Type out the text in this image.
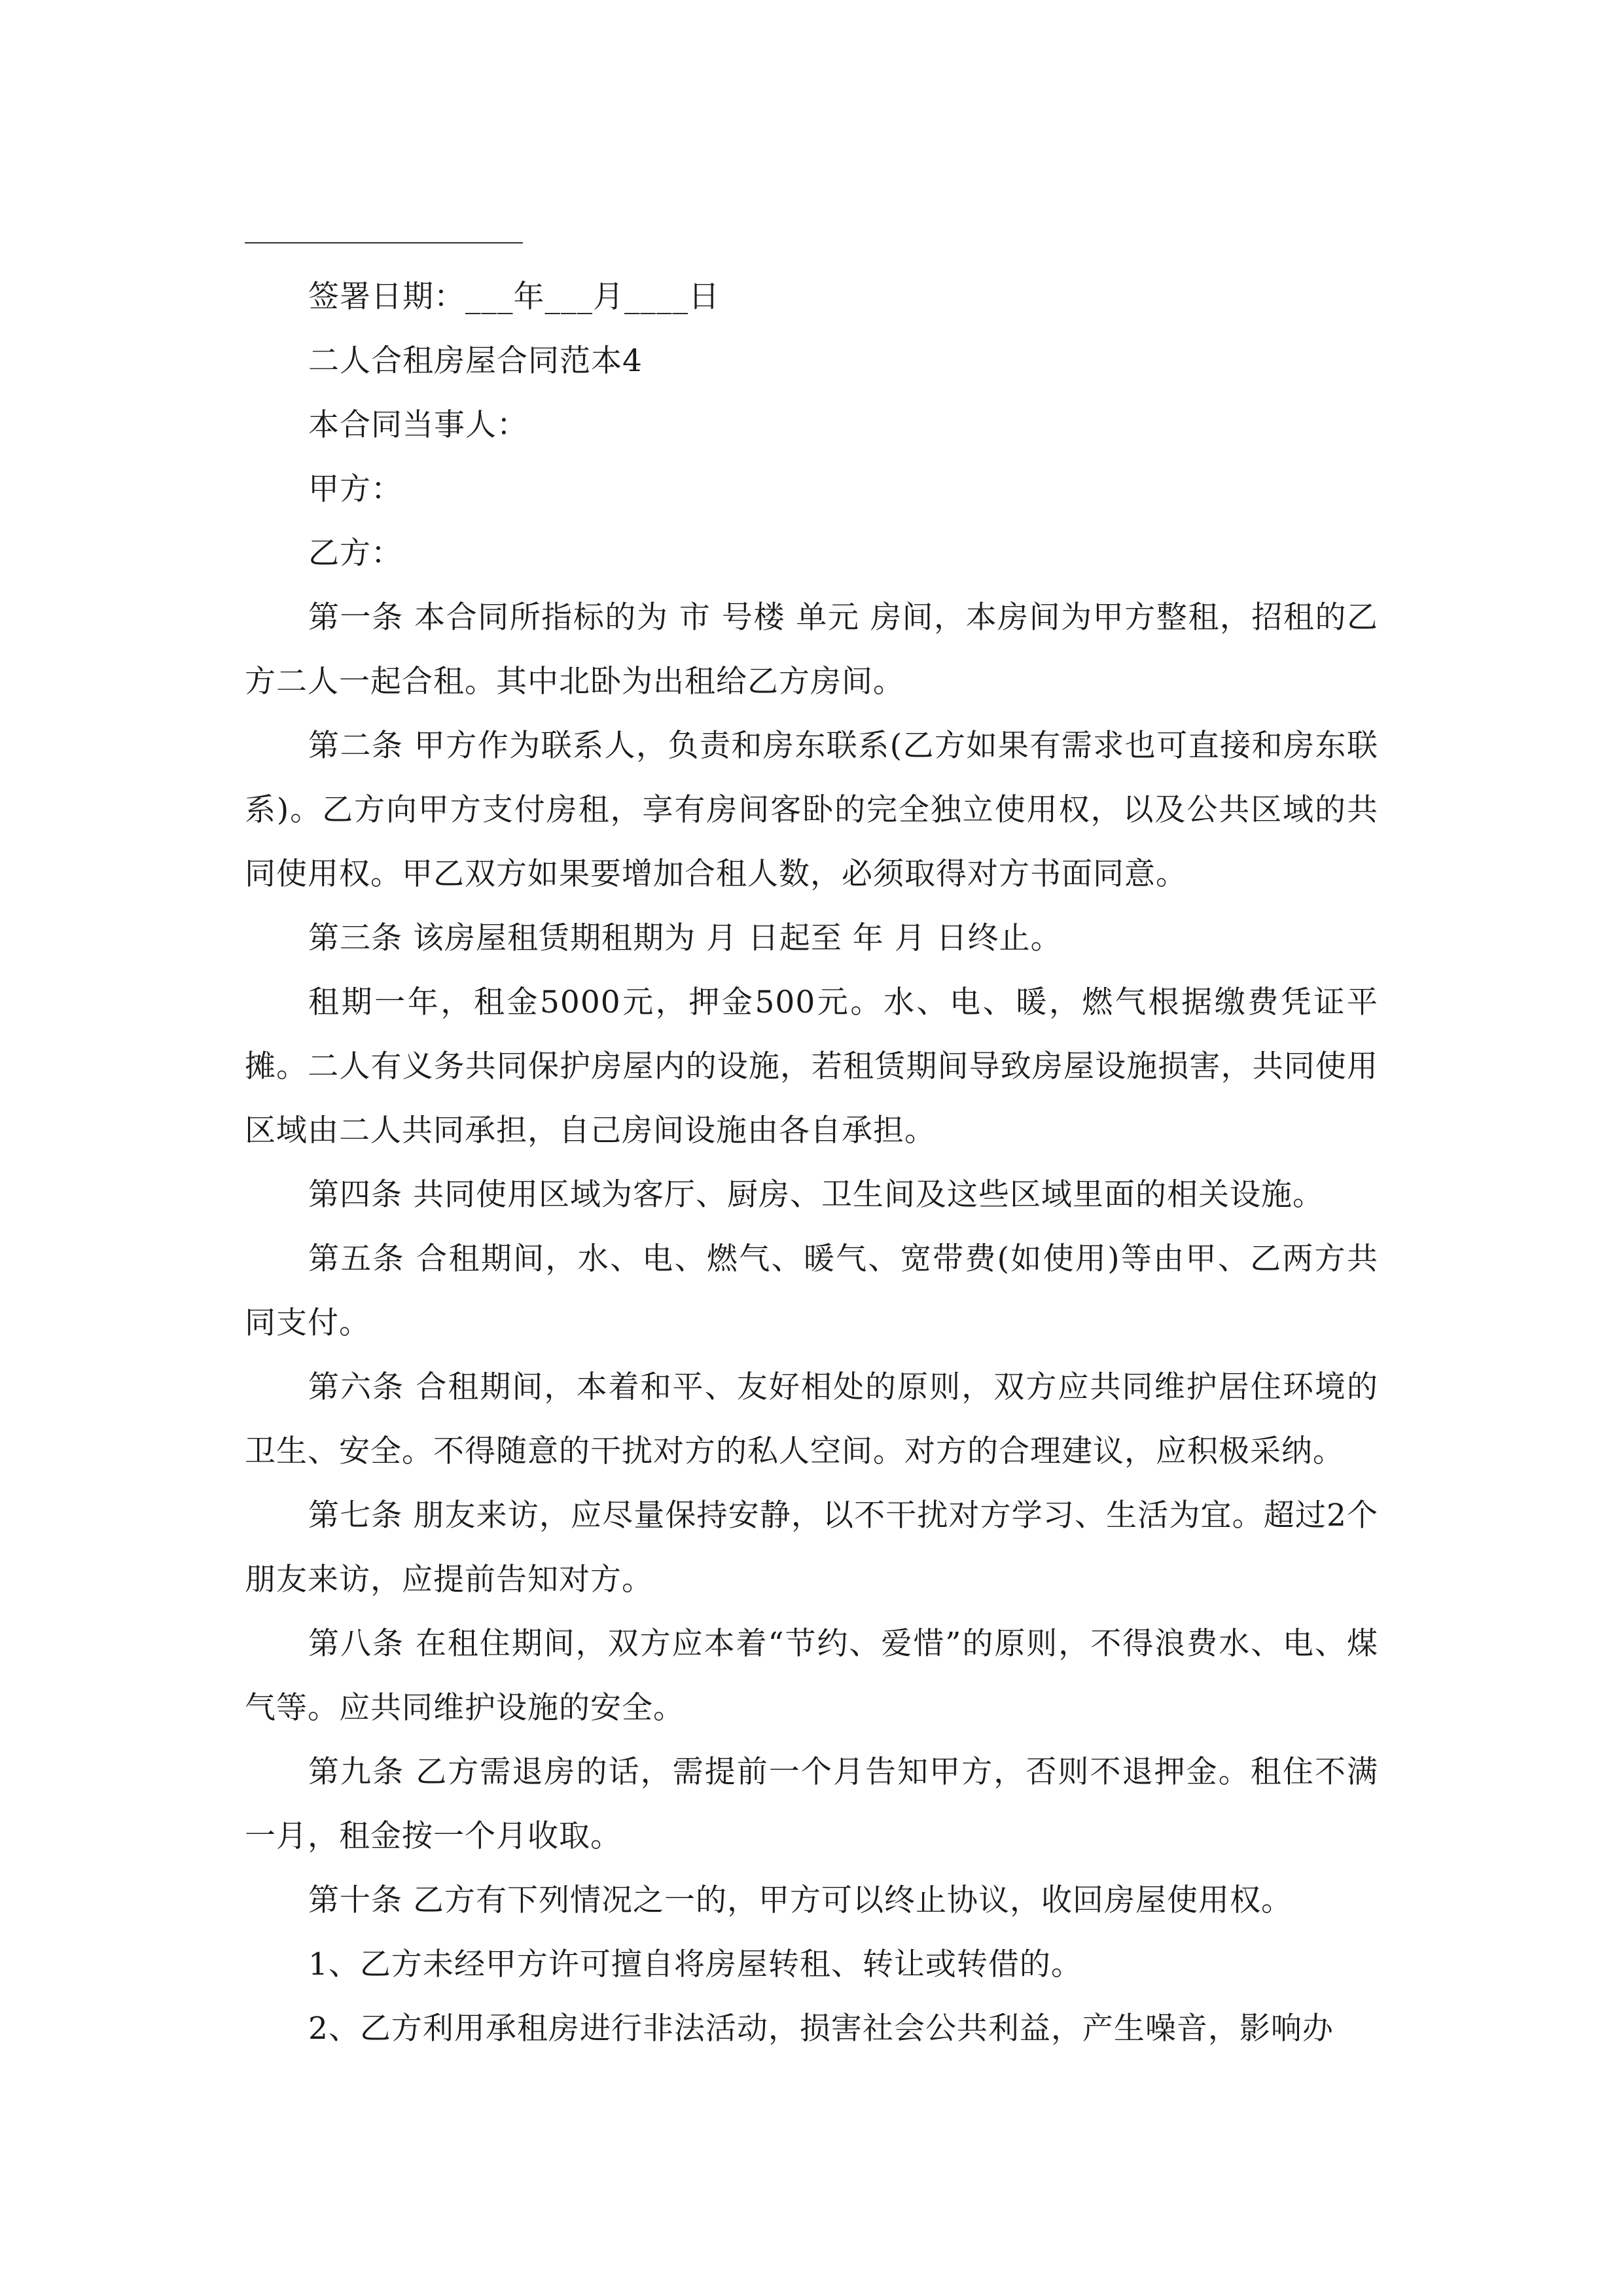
签署日期：___年___月____日

二人合租房屋合同范本4

本合同当事人：

甲方：

乙方：

第一条 本合同所指标的为 市 号楼 单元 房间，本房间为甲方整租，招租的乙方二人一起合租。其中北卧为出租给乙方房间。

第二条 甲方作为联系人，负责和房东联系(乙方如果有需求也可直接和房东联系)。乙方向甲方支付房租，享有房间客卧的完全独立使用权，以及公共区域的共同使用权。甲乙双方如果要增加合租人数，必须取得对方书面同意。

第三条 该房屋租赁期租期为 月 日起至 年 月 日终止。

租期一年，租金5000元，押金500元。水、电、暖，燃气根据缴费凭证平摊。二人有义务共同保护房屋内的设施，若租赁期间导致房屋设施损害，共同使用区域由二人共同承担，自己房间设施由各自承担。

第四条 共同使用区域为客厅、厨房、卫生间及这些区域里面的相关设施。

第五条 合租期间，水、电、燃气、暖气、宽带费(如使用)等由甲、乙两方共同支付。

第六条 合租期间，本着和平、友好相处的原则，双方应共同维护居住环境的卫生、安全。不得随意的干扰对方的私人空间。对方的合理建议，应积极采纳。

第七条 朋友来访，应尽量保持安静，以不干扰对方学习、生活为宜。超过2个朋友来访，应提前告知对方。

第八条 在租住期间，双方应本着“节约、爱惜”的原则，不得浪费水、电、煤气等。应共同维护设施的安全。

第九条 乙方需退房的话，需提前一个月告知甲方，否则不退押金。租住不满一月，租金按一个月收取。

第十条 乙方有下列情况之一的，甲方可以终止协议，收回房屋使用权。

1、乙方未经甲方许可擅自将房屋转租、转让或转借的。

2、乙方利用承租房进行非法活动，损害社会公共利益，产生噪音，影响办
